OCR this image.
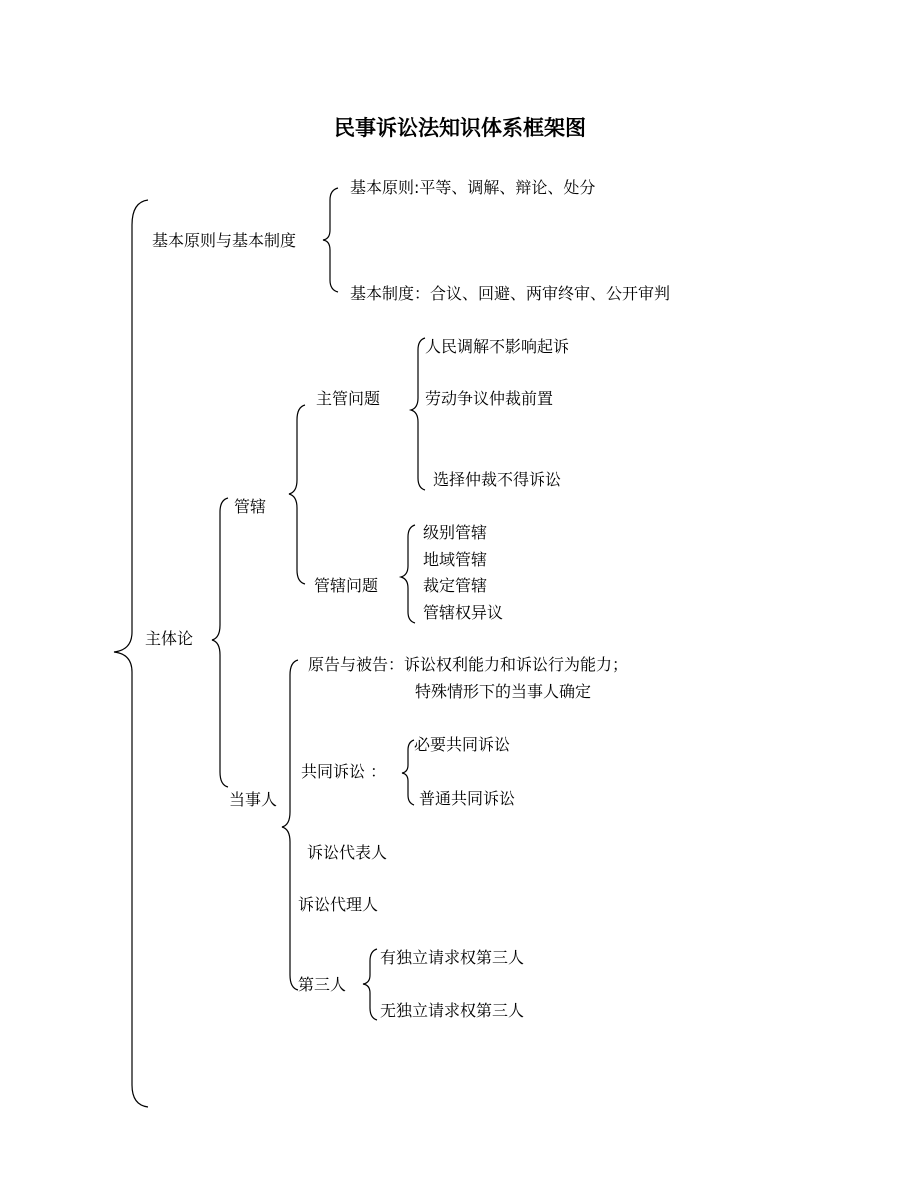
民事诉讼法知识体系框架图
基本原则与基本制度
主体论
基本原则:平等、调解、辩论、处分
基本制度：合议、回避、两审终审、公开审判
管辖
当事人
主管问题
管辖问题
人民调解不影响起诉
劳动争议仲裁前置
选择仲裁不得诉讼
级别管辖
地域管辖
裁定管辖
管辖权异议
原告与被告：诉讼权利能力和诉讼行为能力；
特殊情形下的当事人确定
共同诉讼 ：
必要共同诉讼
普通共同诉讼
诉讼代表人
诉讼代理人
第三人
有独立请求权第三人
无独立请求权第三人
